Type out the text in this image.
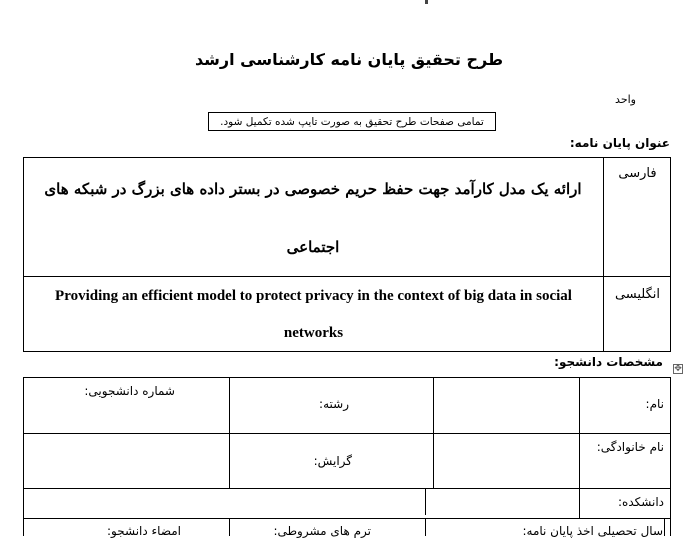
طرح تحقیق پایان نامه کارشناسی ارشد
واحد
تمامی صفحات طرح تحقیق به صورت تایپ شده تکمیل شود.
عنوان پایان نامه:
فارسی
ارائه یک مدل کارآمد جهت حفظ حریم خصوصی در بستر داده های بزرگ در شبکه های اجتماعی
انگلیسی
Providing an efficient model to protect privacy in the context of big data in social networks
مشخصات دانشجو: ✥
نام:
رشته:
شماره دانشجویی:
نام خانوادگی:
گرایش:
دانشکده:
سال تحصیلی اخذ پایان نامه:
ترم های مشروطی:
امضاء دانشجو:
